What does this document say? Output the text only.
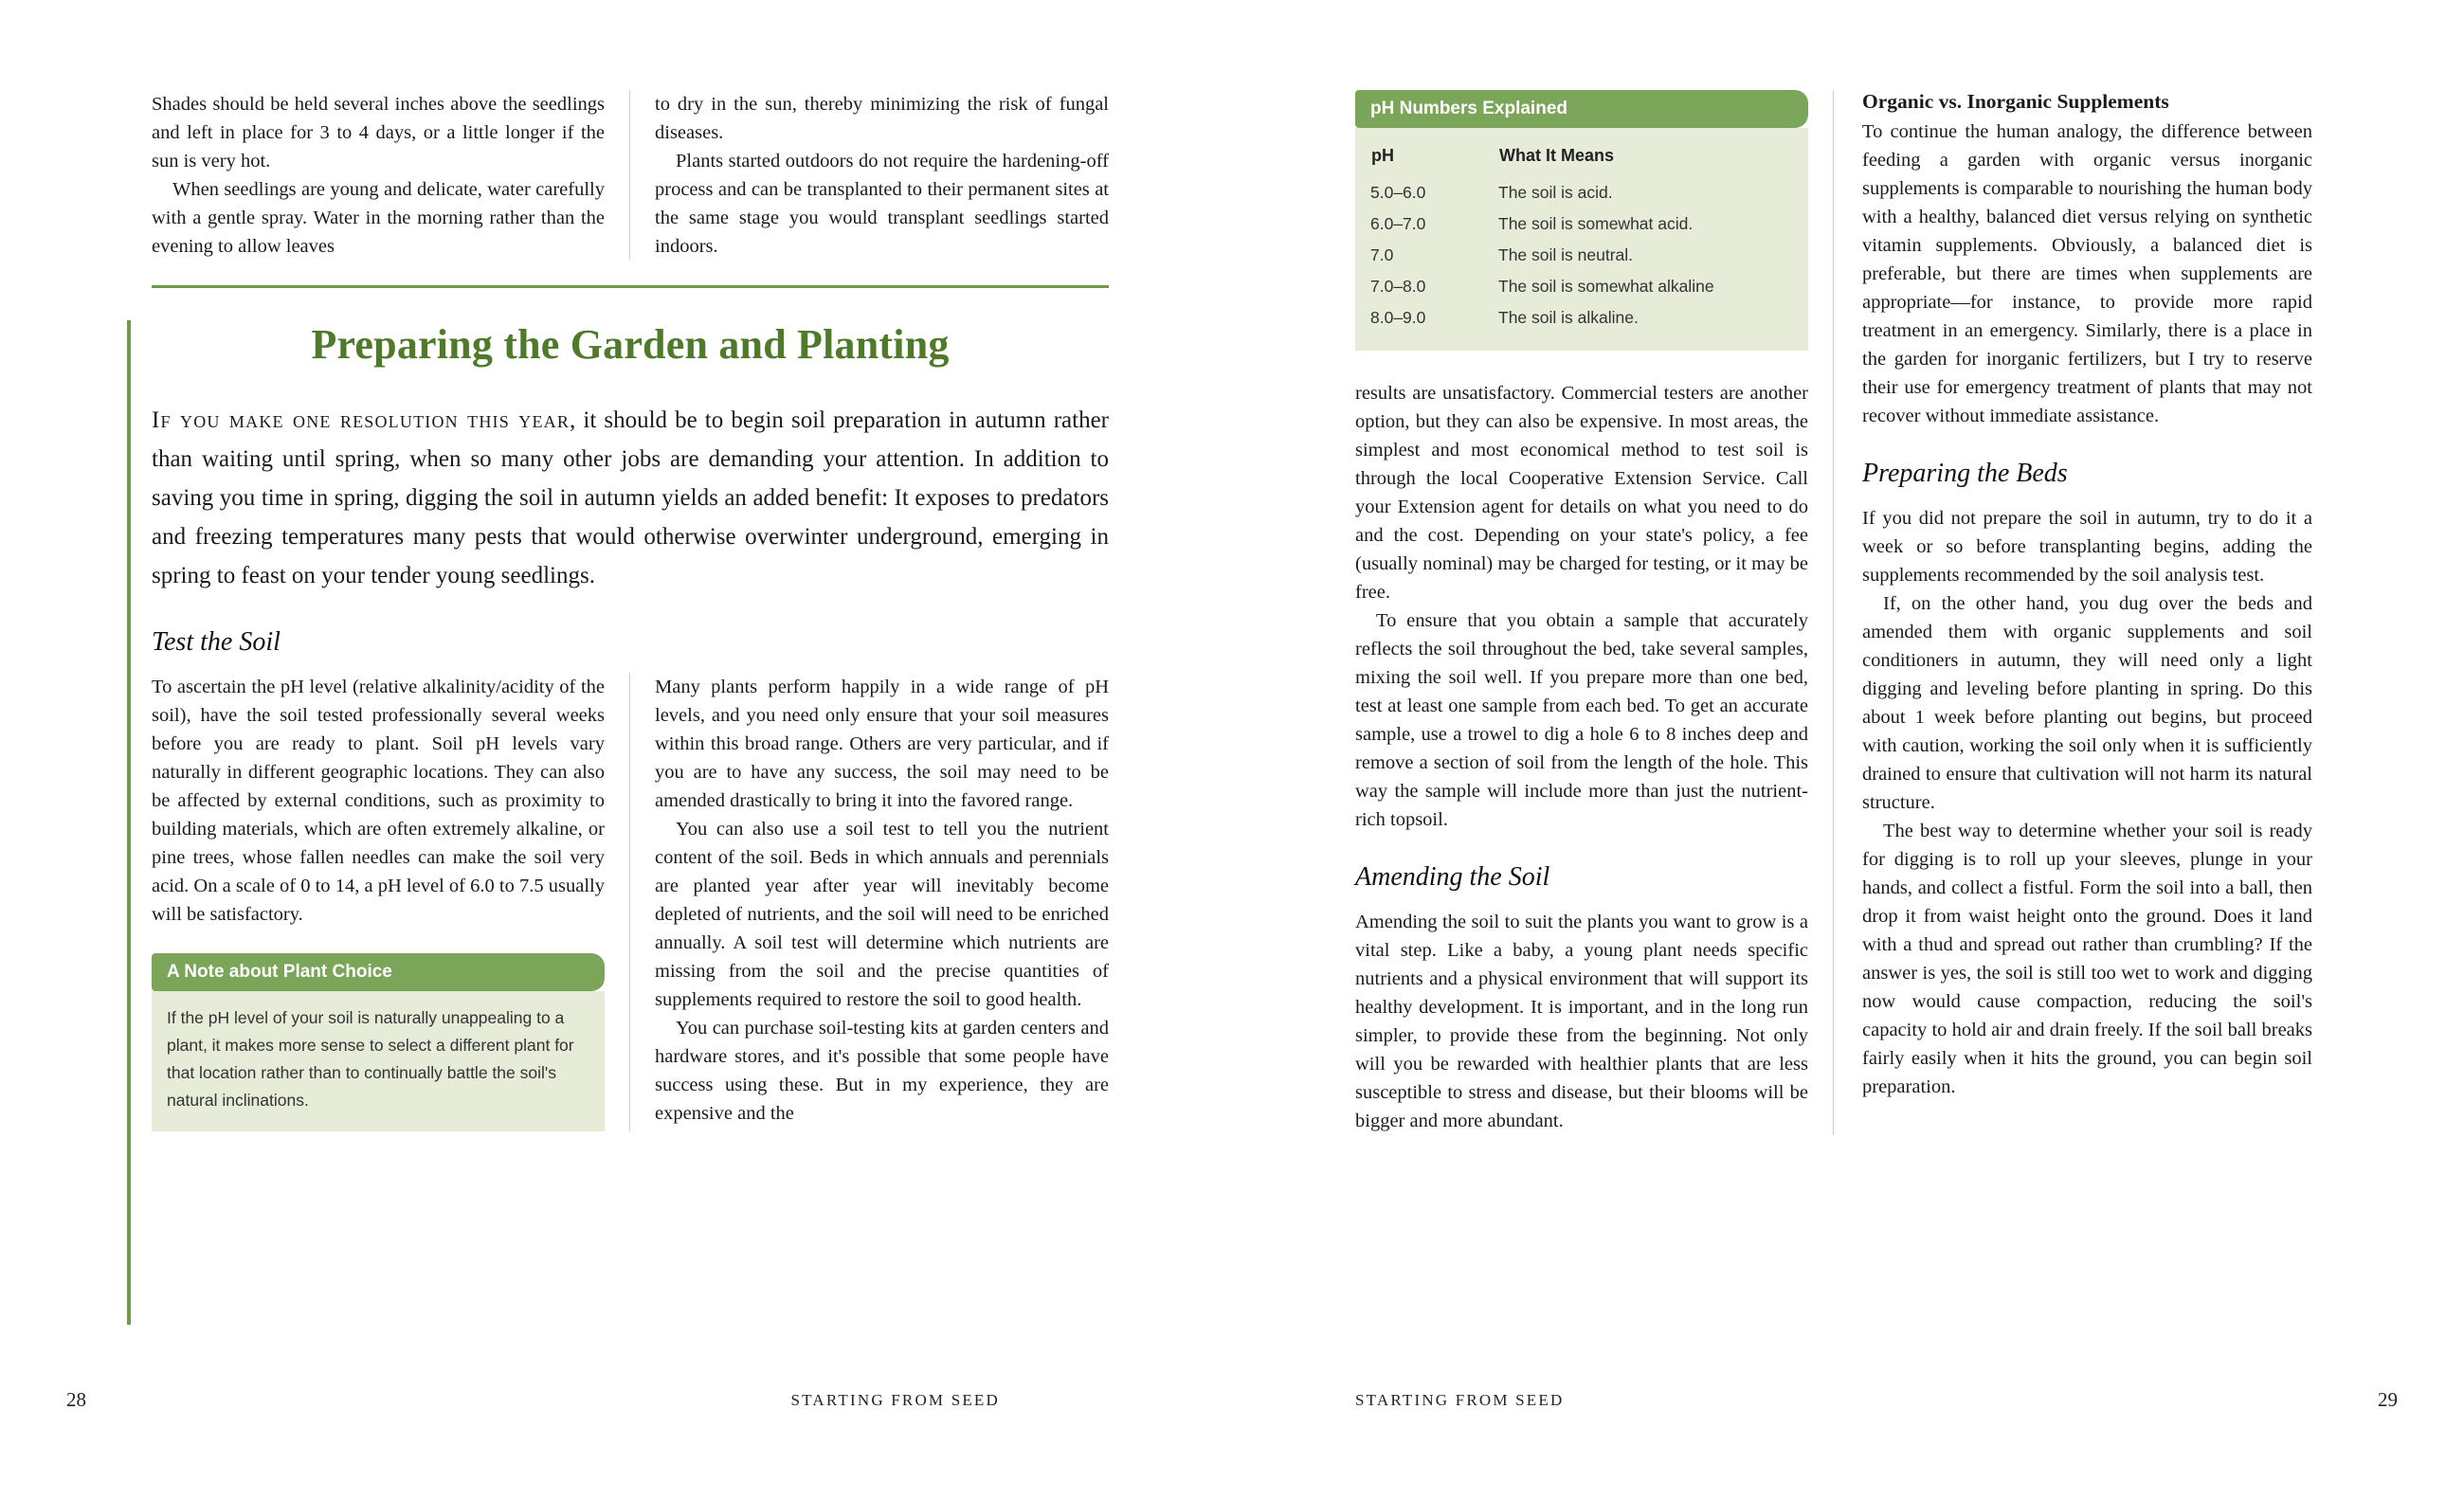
Shades should be held several inches above the seedlings and left in place for 3 to 4 days, or a little longer if the sun is very hot.

When seedlings are young and delicate, water carefully with a gentle spray. Water in the morning rather than the evening to allow leaves

to dry in the sun, thereby minimizing the risk of fungal diseases.

Plants started outdoors do not require the hardening-off process and can be transplanted to their permanent sites at the same stage you would transplant seedlings started indoors.

Preparing the Garden and Planting

If you make one resolution this year, it should be to begin soil preparation in autumn rather than waiting until spring, when so many other jobs are demanding your attention. In addition to saving you time in spring, digging the soil in autumn yields an added benefit: It exposes to predators and freezing temperatures many pests that would otherwise overwinter underground, emerging in spring to feast on your tender young seedlings.

Test the Soil

To ascertain the pH level (relative alkalinity/acidity of the soil), have the soil tested professionally several weeks before you are ready to plant. Soil pH levels vary naturally in different geographic locations. They can also be affected by external conditions, such as proximity to building materials, which are often extremely alkaline, or pine trees, whose fallen needles can make the soil very acid. On a scale of 0 to 14, a pH level of 6.0 to 7.5 usually will be satisfactory.

A Note about Plant Choice

If the pH level of your soil is naturally unappealing to a plant, it makes more sense to select a different plant for that location rather than to continually battle the soil's natural inclinations.

Many plants perform happily in a wide range of pH levels, and you need only ensure that your soil measures within this broad range. Others are very particular, and if you are to have any success, the soil may need to be amended drastically to bring it into the favored range.

You can also use a soil test to tell you the nutrient content of the soil. Beds in which annuals and perennials are planted year after year will inevitably become depleted of nutrients, and the soil will need to be enriched annually. A soil test will determine which nutrients are missing from the soil and the precise quantities of supplements required to restore the soil to good health.

You can purchase soil-testing kits at garden centers and hardware stores, and it's possible that some people have success using these. But in my experience, they are expensive and the

28	STARTING FROM SEED
pH Numbers Explained
pH	What It Means
5.0–6.0	The soil is acid.
6.0–7.0	The soil is somewhat acid.
7.0	The soil is neutral.
7.0–8.0	The soil is somewhat alkaline
8.0–9.0	The soil is alkaline.

results are unsatisfactory. Commercial testers are another option, but they can also be expensive. In most areas, the simplest and most economical method to test soil is through the local Cooperative Extension Service. Call your Extension agent for details on what you need to do and the cost. Depending on your state's policy, a fee (usually nominal) may be charged for testing, or it may be free.

To ensure that you obtain a sample that accurately reflects the soil throughout the bed, take several samples, mixing the soil well. If you prepare more than one bed, test at least one sample from each bed. To get an accurate sample, use a trowel to dig a hole 6 to 8 inches deep and remove a section of soil from the length of the hole. This way the sample will include more than just the nutrient-rich topsoil.

Amending the Soil

Amending the soil to suit the plants you want to grow is a vital step. Like a baby, a young plant needs specific nutrients and a physical environment that will support its healthy development. It is important, and in the long run simpler, to provide these from the beginning. Not only will you be rewarded with healthier plants that are less susceptible to stress and disease, but their blooms will be bigger and more abundant.

Organic vs. Inorganic Supplements

To continue the human analogy, the difference between feeding a garden with organic versus inorganic supplements is comparable to nourishing the human body with a healthy, balanced diet versus relying on synthetic vitamin supplements. Obviously, a balanced diet is preferable, but there are times when supplements are appropriate—for instance, to provide more rapid treatment in an emergency. Similarly, there is a place in the garden for inorganic fertilizers, but I try to reserve their use for emergency treatment of plants that may not recover without immediate assistance.

Preparing the Beds

If you did not prepare the soil in autumn, try to do it a week or so before transplanting begins, adding the supplements recommended by the soil analysis test.

If, on the other hand, you dug over the beds and amended them with organic supplements and soil conditioners in autumn, they will need only a light digging and leveling before planting in spring. Do this about 1 week before planting out begins, but proceed with caution, working the soil only when it is sufficiently drained to ensure that cultivation will not harm its natural structure.

The best way to determine whether your soil is ready for digging is to roll up your sleeves, plunge in your hands, and collect a fistful. Form the soil into a ball, then drop it from waist height onto the ground. Does it land with a thud and spread out rather than crumbling? If the answer is yes, the soil is still too wet to work and digging now would cause compaction, reducing the soil's capacity to hold air and drain freely. If the soil ball breaks fairly easily when it hits the ground, you can begin soil preparation.

29
STARTING FROM SEED
